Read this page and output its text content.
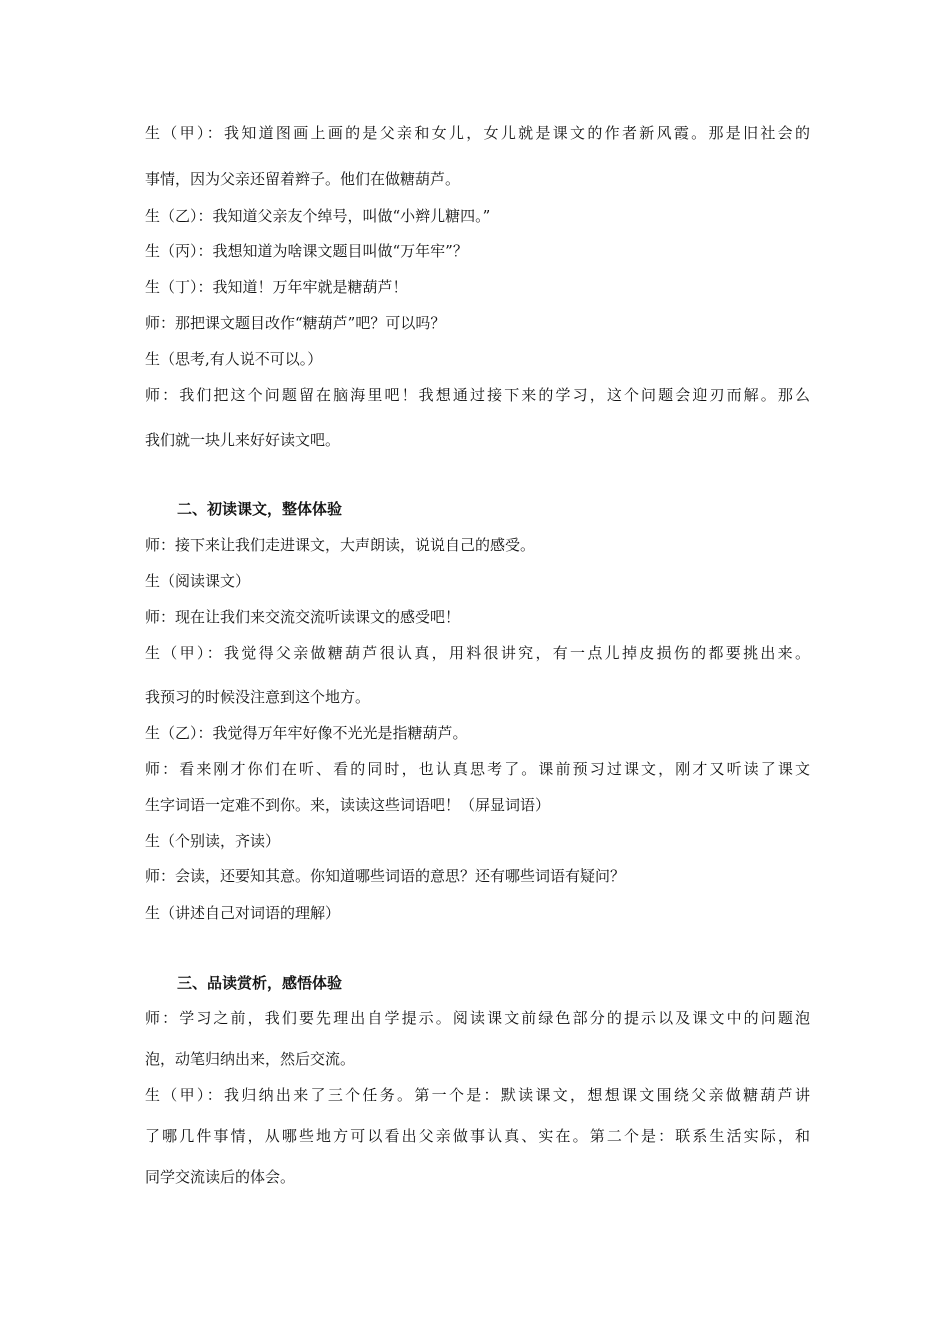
生（甲）：我知道图画上画的是父亲和女儿，女儿就是课文的作者新风霞。那是旧社会的
事情，因为父亲还留着辫子。他们在做糖葫芦。
生（乙）：我知道父亲友个绰号，叫做“小辫儿糖四。”
生（丙）：我想知道为啥课文题目叫做“万年牢”？
生（丁）：我知道！万年牢就是糖葫芦！
师：那把课文题目改作“糖葫芦”吧？可以吗？
生（思考,有人说不可以。）
师：我们把这个问题留在脑海里吧！我想通过接下来的学习，这个问题会迎刃而解。那么
我们就一块儿来好好读文吧。
二、初读课文，整体体验
师：接下来让我们走进课文，大声朗读，说说自己的感受。
生（阅读课文）
师：现在让我们来交流交流听读课文的感受吧！
生（甲）：我觉得父亲做糖葫芦很认真，用料很讲究，有一点儿掉皮损伤的都要挑出来。
我预习的时候没注意到这个地方。
生（乙）：我觉得万年牢好像不光光是指糖葫芦。
师：看来刚才你们在听、看的同时，也认真思考了。课前预习过课文，刚才又听读了课文
生字词语一定难不到你。来，读读这些词语吧！（屏显词语）
生（个别读，齐读）
师：会读，还要知其意。你知道哪些词语的意思？还有哪些词语有疑问？
生（讲述自己对词语的理解）
三、品读赏析，感悟体验
师：学习之前，我们要先理出自学提示。阅读课文前绿色部分的提示以及课文中的问题泡
泡，动笔归纳出来，然后交流。
生（甲）：我归纳出来了三个任务。第一个是：默读课文，想想课文围绕父亲做糖葫芦讲
了哪几件事情，从哪些地方可以看出父亲做事认真、实在。第二个是：联系生活实际，和
同学交流读后的体会。
